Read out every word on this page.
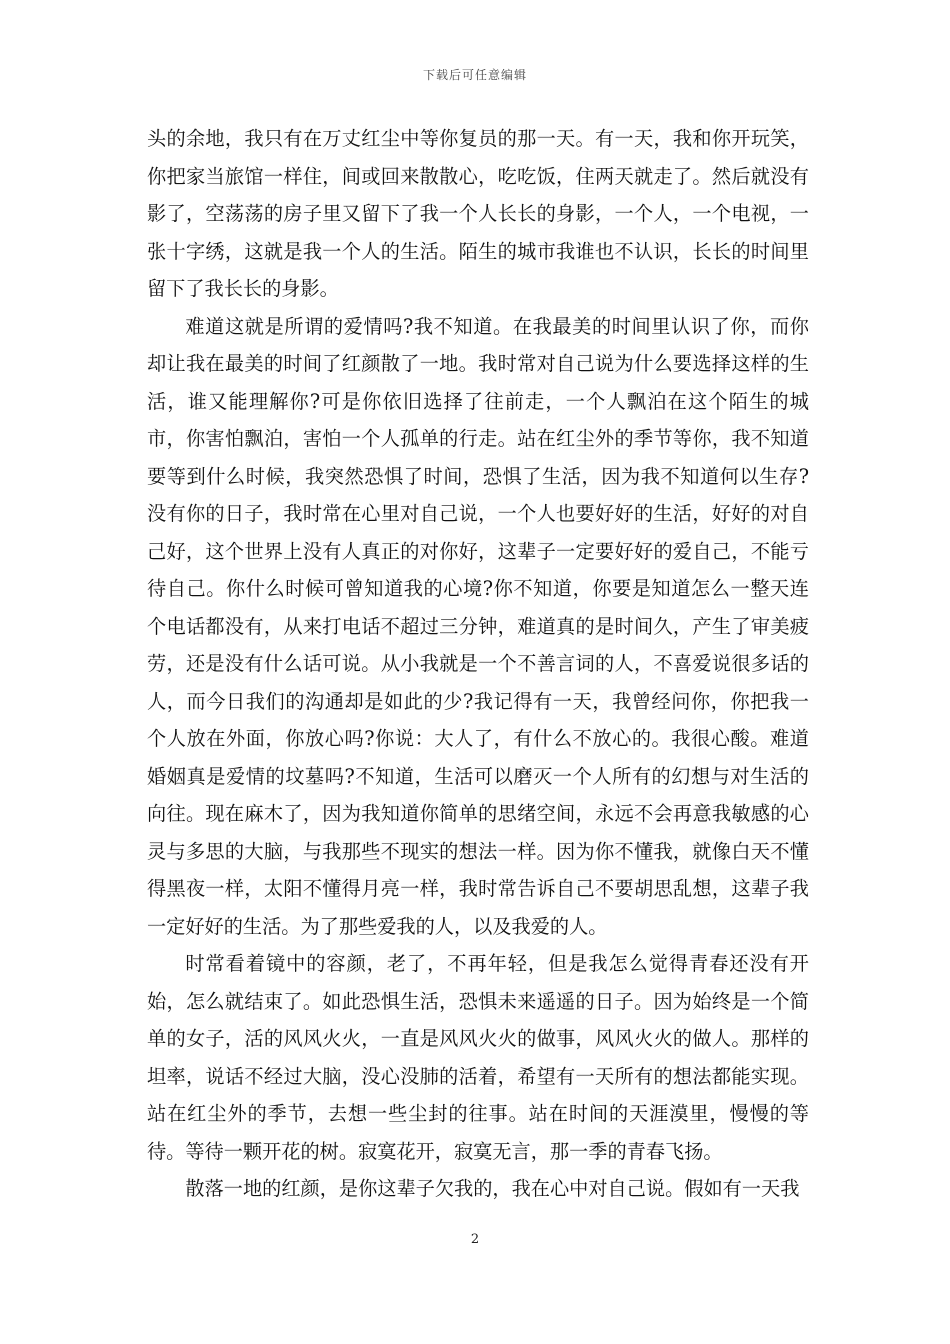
下载后可任意编辑

头的余地，我只有在万丈红尘中等你复员的那一天。有一天，我和你开玩笑，你把家当旅馆一样住，间或回来散散心，吃吃饭，住两天就走了。然后就没有影了，空荡荡的房子里又留下了我一个人长长的身影，一个人，一个电视，一张十字绣，这就是我一个人的生活。陌生的城市我谁也不认识，长长的时间里留下了我长长的身影。

难道这就是所谓的爱情吗?我不知道。在我最美的时间里认识了你，而你却让我在最美的时间了红颜散了一地。我时常对自己说为什么要选择这样的生活，谁又能理解你?可是你依旧选择了往前走，一个人飘泊在这个陌生的城市，你害怕飘泊，害怕一个人孤单的行走。站在红尘外的季节等你，我不知道要等到什么时候，我突然恐惧了时间，恐惧了生活，因为我不知道何以生存?没有你的日子，我时常在心里对自己说，一个人也要好好的生活，好好的对自己好，这个世界上没有人真正的对你好，这辈子一定要好好的爱自己，不能亏待自己。你什么时候可曾知道我的心境?你不知道，你要是知道怎么一整天连个电话都没有，从来打电话不超过三分钟，难道真的是时间久，产生了审美疲劳，还是没有什么话可说。从小我就是一个不善言词的人，不喜爱说很多话的人，而今日我们的沟通却是如此的少?我记得有一天，我曾经问你，你把我一个人放在外面，你放心吗?你说：大人了，有什么不放心的。我很心酸。难道婚姻真是爱情的坟墓吗?不知道，生活可以磨灭一个人所有的幻想与对生活的向往。现在麻木了，因为我知道你简单的思绪空间，永远不会再意我敏感的心灵与多思的大脑，与我那些不现实的想法一样。因为你不懂我，就像白天不懂得黑夜一样，太阳不懂得月亮一样，我时常告诉自己不要胡思乱想，这辈子我一定好好的生活。为了那些爱我的人，以及我爱的人。

时常看着镜中的容颜，老了，不再年轻，但是我怎么觉得青春还没有开始，怎么就结束了。如此恐惧生活，恐惧未来遥遥的日子。因为始终是一个简单的女子，活的风风火火，一直是风风火火的做事，风风火火的做人。那样的坦率，说话不经过大脑，没心没肺的活着，希望有一天所有的想法都能实现。站在红尘外的季节，去想一些尘封的往事。站在时间的天涯漠里，慢慢的等待。等待一颗开花的树。寂寞花开，寂寞无言，那一季的青春飞扬。

散落一地的红颜，是你这辈子欠我的，我在心中对自己说。假如有一天我

2
